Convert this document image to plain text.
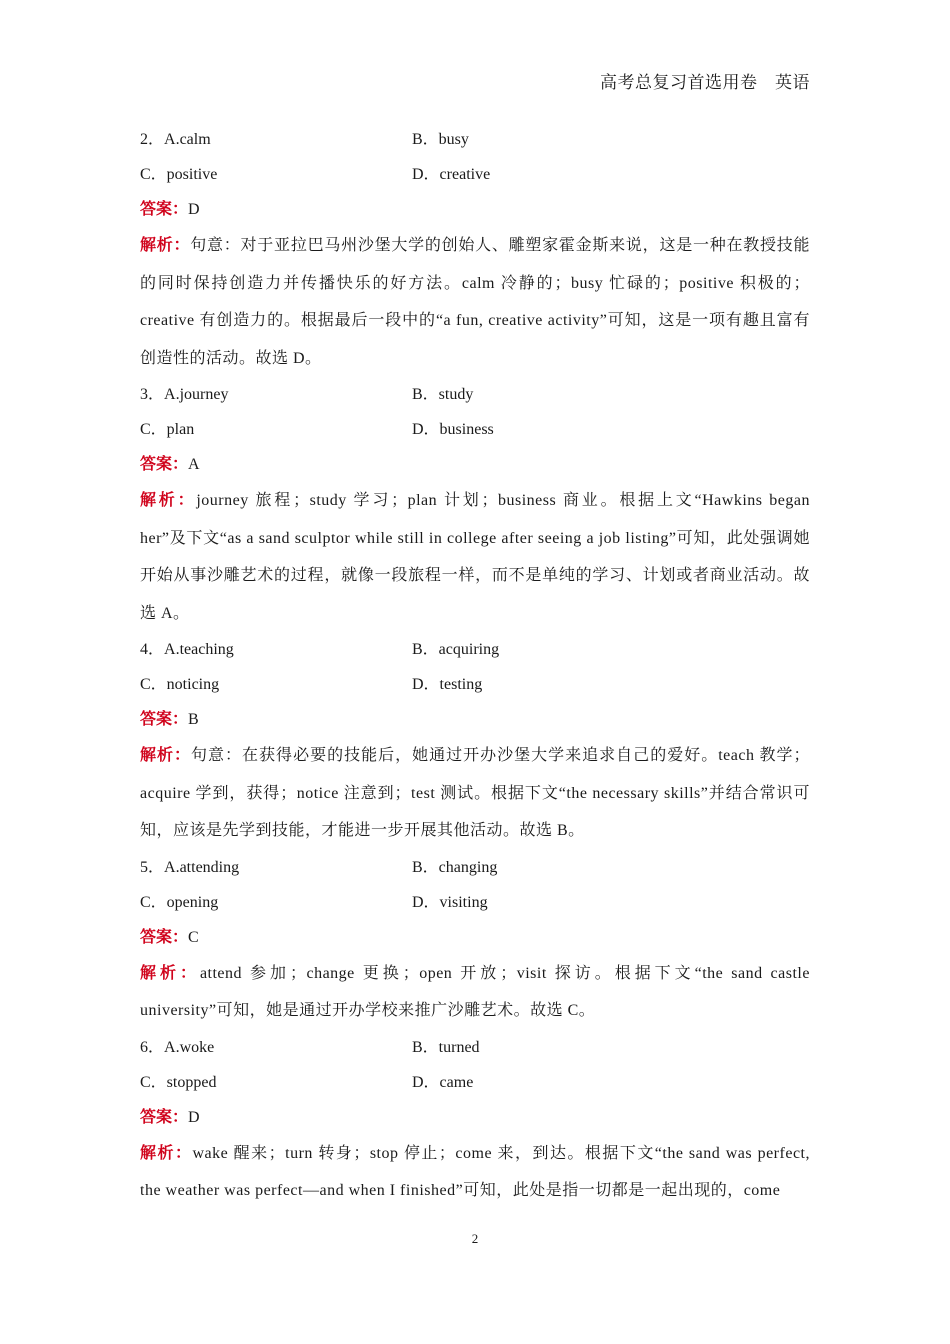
高考总复习首选用卷　英语
2．A.calm	B．busy
C．positive	D．creative
答案：D
解析：句意：对于亚拉巴马州沙堡大学的创始人、雕塑家霍金斯来说，这是一种在教授技能的同时保持创造力并传播快乐的好方法。calm 冷静的；busy 忙碌的；positive 积极的；creative 有创造力的。根据最后一段中的“a fun, creative activity”可知，这是一项有趣且富有创造性的活动。故选 D。
3．A.journey	B．study
C．plan	D．business
答案：A
解析：journey 旅程；study 学习；plan 计划；business 商业。根据上文“Hawkins began her”及下文“as a sand sculptor while still in college after seeing a job listing”可知，此处强调她开始从事沙雕艺术的过程，就像一段旅程一样，而不是单纯的学习、计划或者商业活动。故选 A。
4．A.teaching	B．acquiring
C．noticing	D．testing
答案：B
解析：句意：在获得必要的技能后，她通过开办沙堡大学来追求自己的爱好。teach 教学；acquire 学到，获得；notice 注意到；test 测试。根据下文“the necessary skills”并结合常识可知，应该是先学到技能，才能进一步开展其他活动。故选 B。
5．A.attending	B．changing
C．opening	D．visiting
答案：C
解析：attend 参加；change 更换；open 开放；visit 探访。根据下文“the sand castle university”可知，她是通过开办学校来推广沙雕艺术。故选 C。
6．A.woke	B．turned
C．stopped	D．came
答案：D
解析：wake 醒来；turn 转身；stop 停止；come 来，到达。根据下文“the sand was perfect, the weather was perfect—and when I finished”可知，此处是指一切都是一起出现的，come
2
